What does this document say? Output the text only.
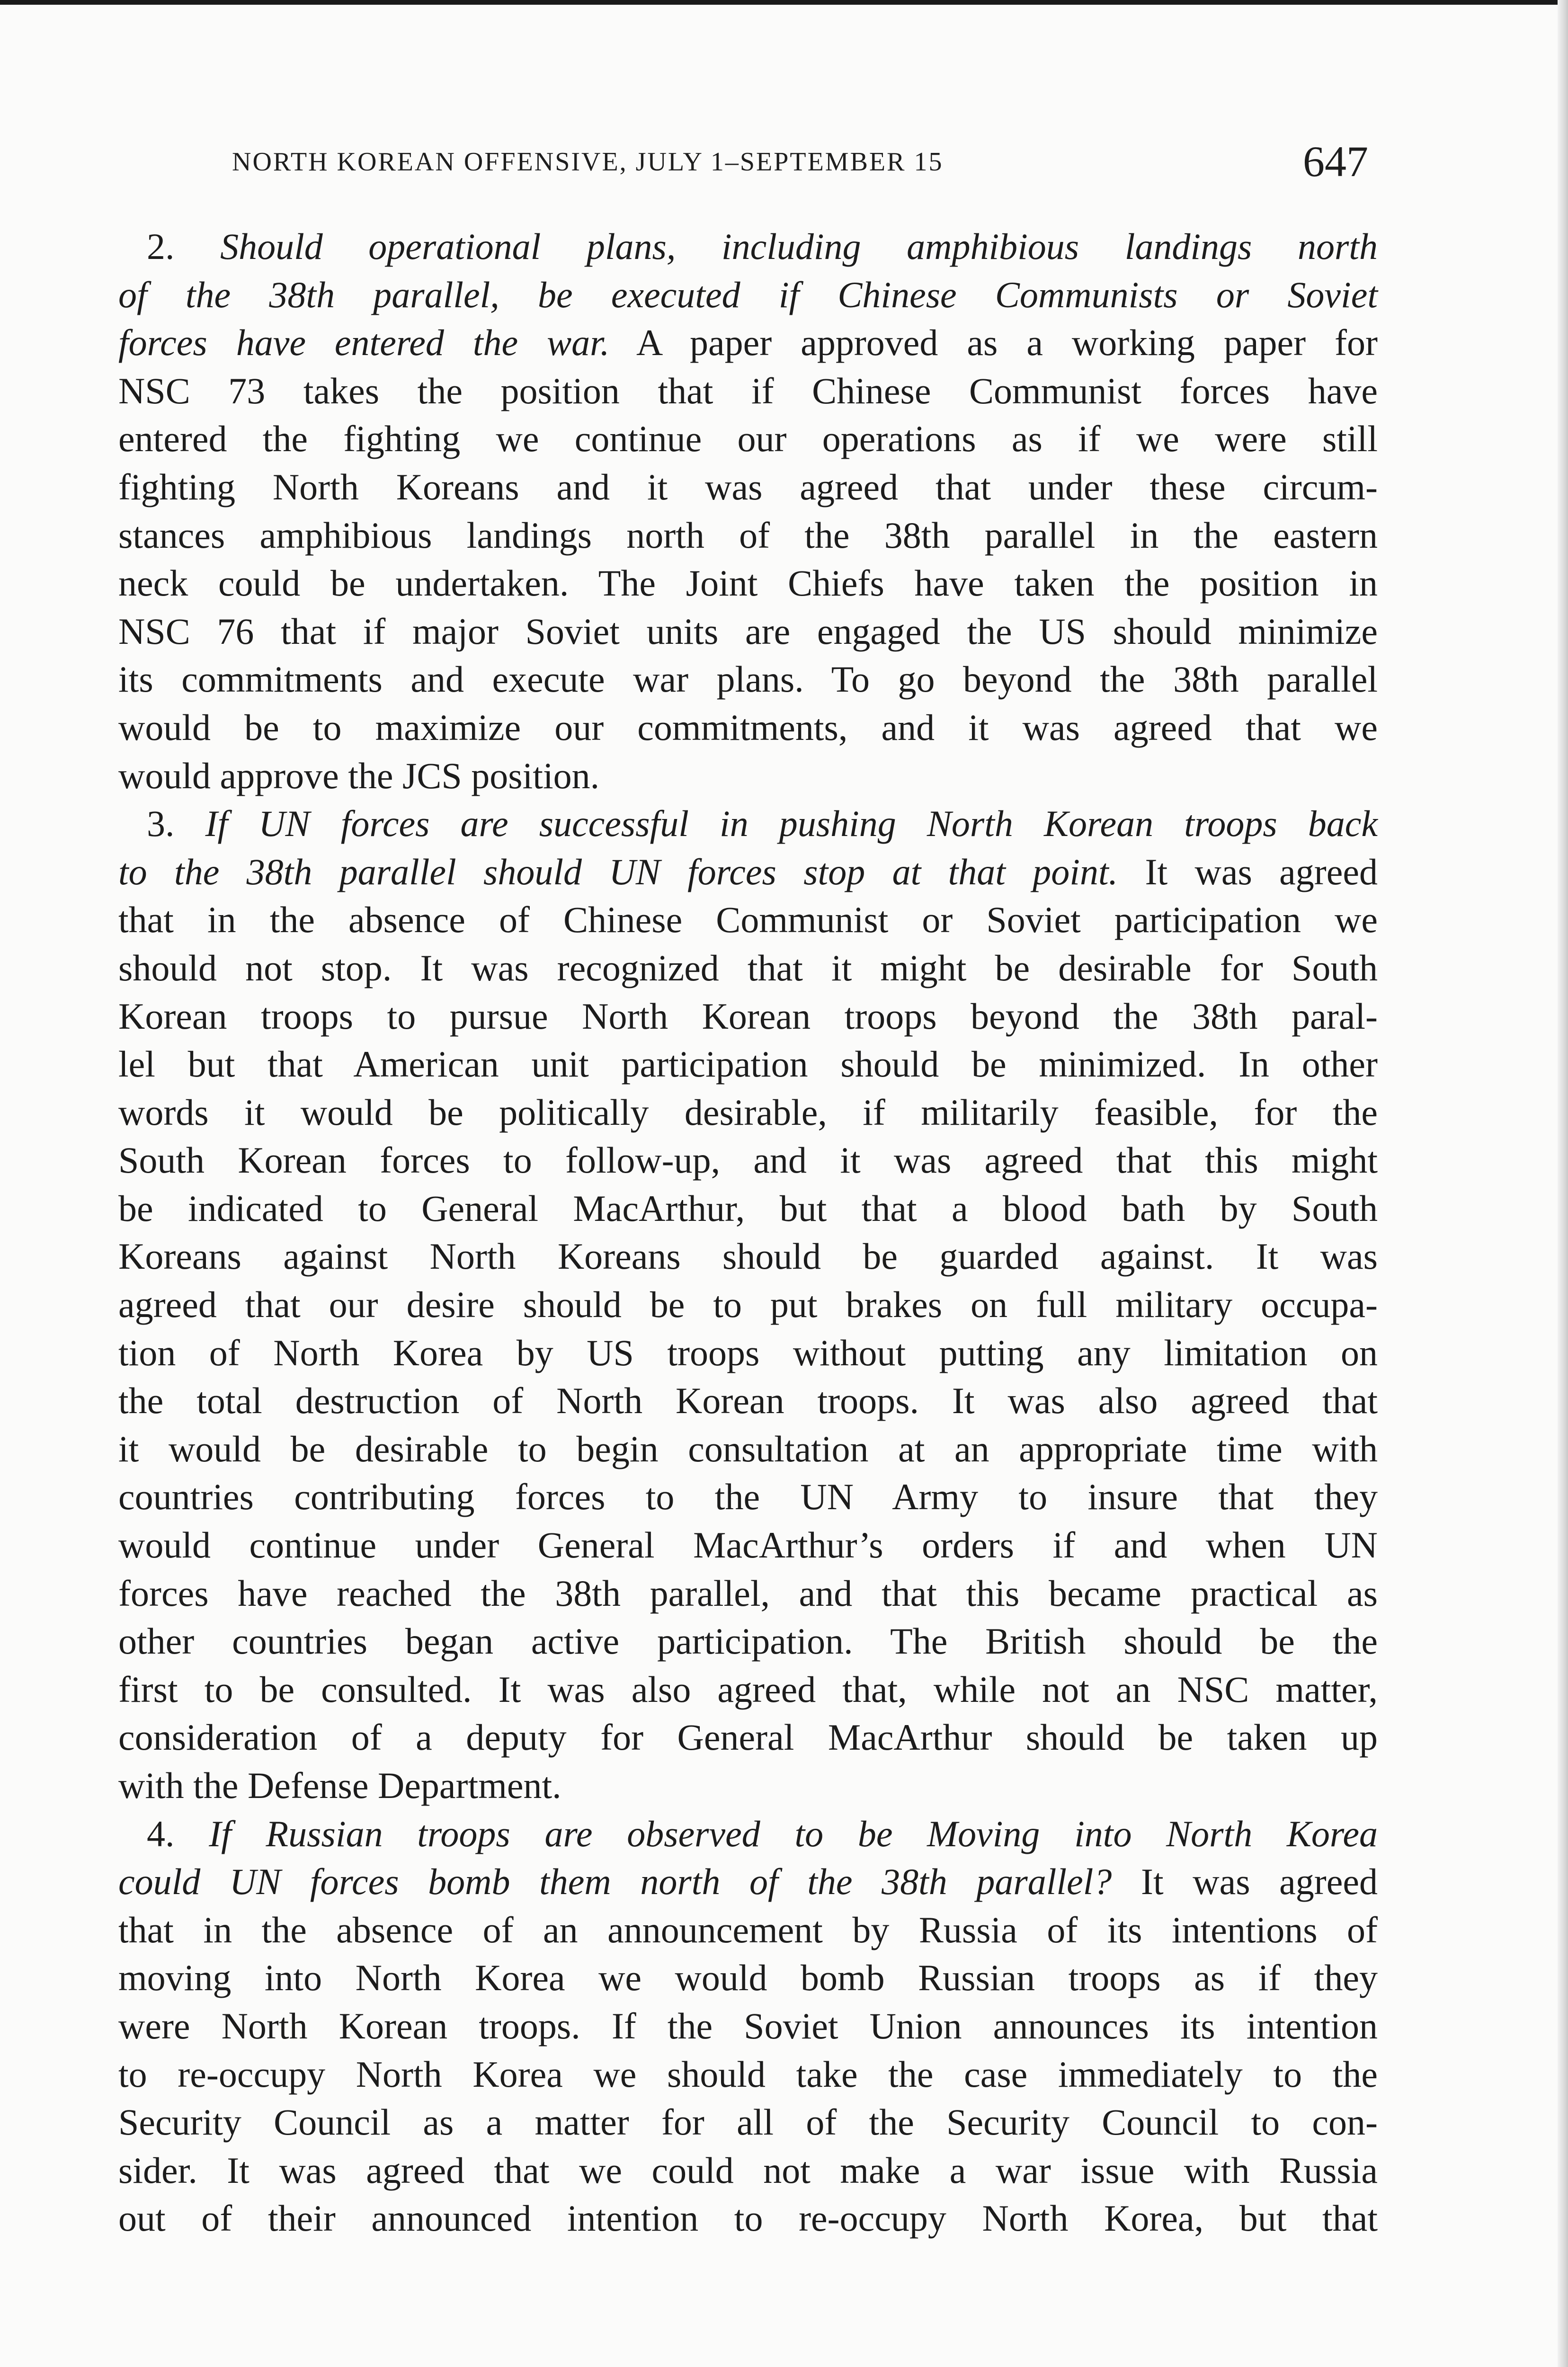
NORTH KOREAN OFFENSIVE, JULY 1–SEPTEMBER 15	647
2. Should operational plans, including amphibious landings north
of the 38th parallel, be executed if Chinese Communists or Soviet
forces have entered the war. A paper approved as a working paper for
NSC 73 takes the position that if Chinese Communist forces have
entered the fighting we continue our operations as if we were still
fighting North Koreans and it was agreed that under these circum-
stances amphibious landings north of the 38th parallel in the eastern
neck could be undertaken. The Joint Chiefs have taken the position in
NSC 76 that if major Soviet units are engaged the US should minimize
its commitments and execute war plans. To go beyond the 38th parallel
would be to maximize our commitments, and it was agreed that we
would approve the JCS position.
3. If UN forces are successful in pushing North Korean troops back
to the 38th parallel should UN forces stop at that point. It was agreed
that in the absence of Chinese Communist or Soviet participation we
should not stop. It was recognized that it might be desirable for South
Korean troops to pursue North Korean troops beyond the 38th paral-
lel but that American unit participation should be minimized. In other
words it would be politically desirable, if militarily feasible, for the
South Korean forces to follow-up, and it was agreed that this might
be indicated to General MacArthur, but that a blood bath by South
Koreans against North Koreans should be guarded against. It was
agreed that our desire should be to put brakes on full military occupa-
tion of North Korea by US troops without putting any limitation on
the total destruction of North Korean troops. It was also agreed that
it would be desirable to begin consultation at an appropriate time with
countries contributing forces to the UN Army to insure that they
would continue under General MacArthur’s orders if and when UN
forces have reached the 38th parallel, and that this became practical as
other countries began active participation. The British should be the
first to be consulted. It was also agreed that, while not an NSC matter,
consideration of a deputy for General MacArthur should be taken up
with the Defense Department.
4. If Russian troops are observed to be Moving into North Korea
could UN forces bomb them north of the 38th parallel? It was agreed
that in the absence of an announcement by Russia of its intentions of
moving into North Korea we would bomb Russian troops as if they
were North Korean troops. If the Soviet Union announces its intention
to re-occupy North Korea we should take the case immediately to the
Security Council as a matter for all of the Security Council to con-
sider. It was agreed that we could not make a war issue with Russia
out of their announced intention to re-occupy North Korea, but that
